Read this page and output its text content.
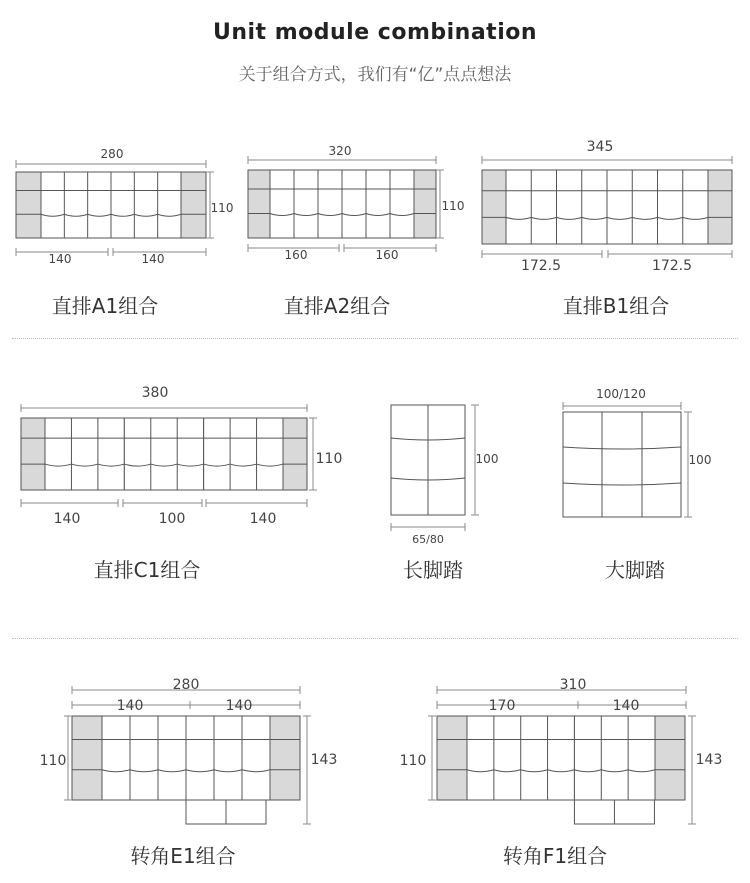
Unit module combination
关于组合方式，我们有“亿”点点想法
280
110
140	140
320
110
160	160
345
172.5	172.5
380
110
140	100	140
100
65/80
100/120
100
280
140	140
110	143
310
170	140
110	143
直排A1组合	直排A2组合	直排B1组合
直排C1组合	长脚踏	大脚踏
转角E1组合	转角F1组合
